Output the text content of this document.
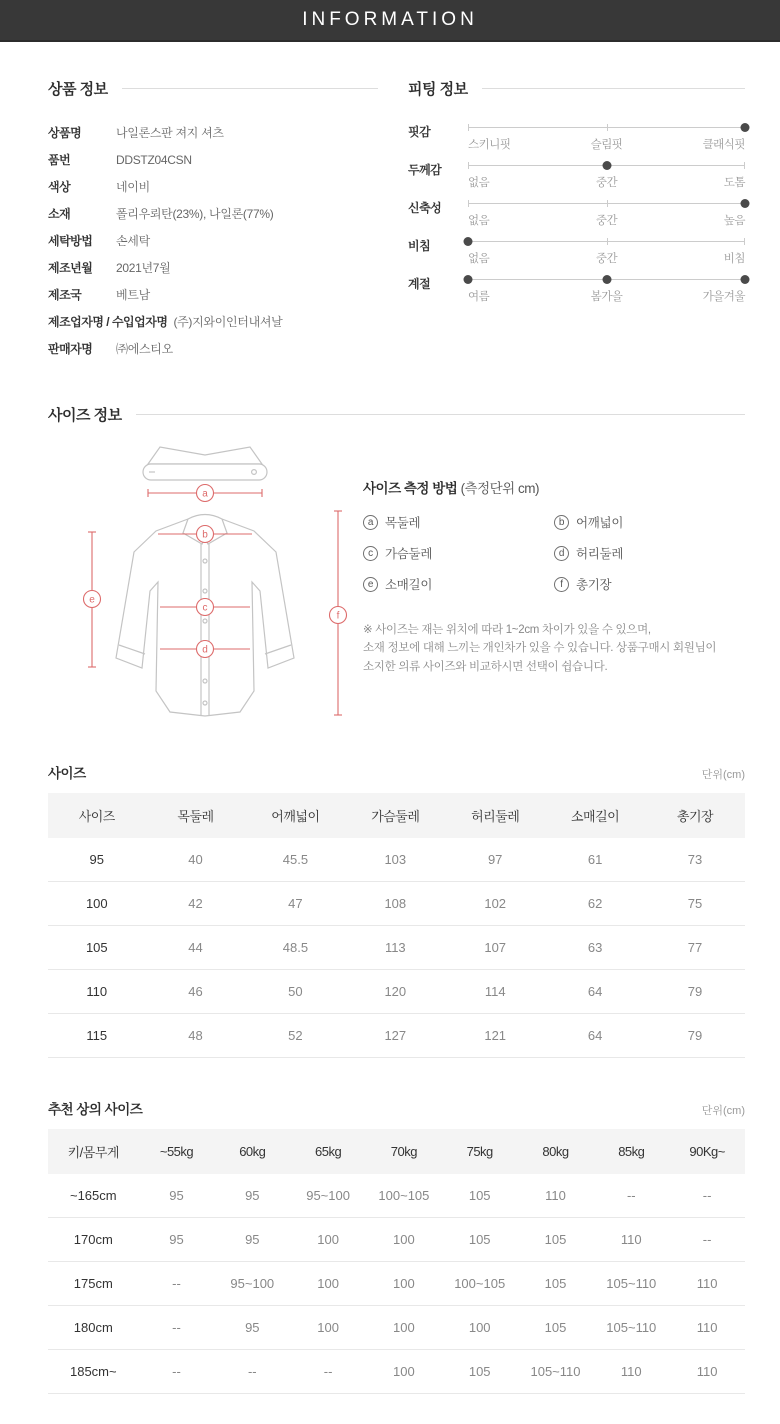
INFORMATION
상품 정보
상품명	나일론스판 져지 셔츠
품번	DDSTZ04CSN
색상	네이비
소재	폴리우뢰탄(23%), 나일론(77%)
세탁방법	손세탁
제조년월	2021년7월
제조국	베트남
제조업자명 / 수입업자명 (주)지와이인터내셔날
판매자명	㈜에스티오
피팅 정보
핏감
스키니핏	슬림핏	클래식핏
두께감
없음	중간	도톰
신축성
없음	중간	높음
비침
없음	중간	비침
계절
여름	봄가을	가을겨울
사이즈 정보
a
b
c
d
e
f
사이즈 측정 방법 (측정단위 cm)
a 목둘레	b 어깨넓이
c 가슴둘레	d 허리둘레
e 소매길이	f	총기장
※ 사이즈는 재는 위치에 따라 1~2cm 차이가 있을 수 있으며,
소재 정보에 대해 느끼는 개인차가 있을 수 있습니다. 상품구매시 회원님이
소지한 의류 사이즈와 비교하시면 선택이 쉽습니다.
사이즈	단위(cm)
사이즈	목둘레	어깨넓이	가슴둘레	허리둘레	소매길이	총기장
95	40	45.5	103	97	61	73
100	42	47	108	102	62	75
105	44	48.5	113	107	63	77
110	46	50	120	114	64	79
115	48	52	127	121	64	79
추천 상의 사이즈	단위(cm)
키/몸무게	~55kg	60kg	65kg	70kg	75kg	80kg	85kg	90Kg~
~165cm	95	95	95~100	100~105	105	110	--	--
170cm	95	95	100	100	105	105	110	--
175cm	--	95~100	100	100	100~105	105	105~110	110
180cm	--	95	100	100	100	105	105~110	110
185cm~	--	--	--	100	105	105~110	110	110
